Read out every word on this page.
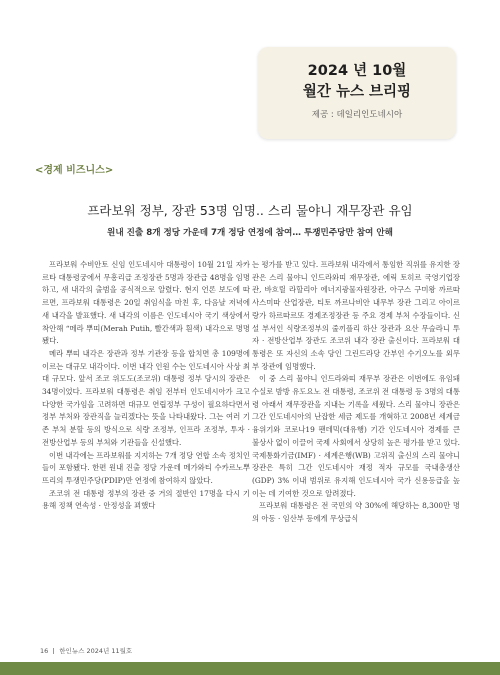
2024 년 10월
월간 뉴스 브리핑
제공 : 데일리인도네시아
<경제 비즈니스>
프라보워 정부, 장관 53명 임명.. 스리 물야니 재무장관 유임
원내 진출 8개 정당 가운데 7개 정당 연정에 참여… 투쟁민주당만 참여 안해

프라보워 수비안토 신임 인도네시아 대통령이 10월 21일 자카르타 대통령궁에서 무흥리급 조정장관 5명과 장관급 48명을 임명하고, 새 내각의 출범을 공식적으로 알렸다. 현지 언론 보도에 따르면, 프라보워 대통령은 20일 취임식을 마친 후, 다음날 저녁에 새 내각을 발표했다. 새 내각의 이름은 인도네시아 국기 색상에서 착안해 “메라 뿌띠(Merah Putih, 빨간색과 흰색) 내각으로 명명됐다.

메라 뿌띠 내각은 장관과 정부 기관장 등을 합치면 총 109명에 이르는 대규모 내각이다. 이번 내각 인원 수는 인도네시아 사상 최대 규모다. 앞서 조코 위도도(조코위) 대통령 정부 당시의 장관은 34명이었다. 프라보워 대통령은 취임 전부터 인도네시아가 크고 다양한 국가임을 고려하면 대규모 연립정부 구성이 필요하다면서 정부 부처와 장관직을 늘리겠다는 뜻을 나타내왔다. 그는 여러 기존 부처 분할 등의 방식으로 식량 조정부, 인프라 조정부, 투자 · 전방산업부 등의 부처와 기관들을 신설했다.

이번 내각에는 프라보워를 지지하는 7개 정당 연합 소속 정치인들이 포함됐다. 한편 원내 진출 정당 가운데 메가와티 수카르노뿌뜨리의 투쟁민주당(PDIP)만 연정에 참여하지 않았다.

조코위 전 대통령 정부의 장관 중 거의 절반인 17명을 다시 기용해 정책 연속성 · 안정성을 꾀했다

는 평가를 받고 있다. 프라보워 내각에서 통임한 직위를 유지한 장관은 스리 물야니 인드라와띠 재무장관, 에릭 토히르 국영기업장관, 바흐릴 라할리아 에너지광물자원장관, 아구스 구미왕 까르따사스미따 산업장관, 티토 까르나비안 내무부 장관 그리고 아이르랑가 하르따르또 경제조정장관 등 주요 경제 부처 수장들이다. 신설 부서인 식량조정부의 줄끼플리 하산 장관과 요산 무슬라니 투자 · 전방산업부 장관도 조코위 내각 장관 출신이다. 프라보워 대통령은 또 자신의 소속 당인 그린드라당 간부인 수기오노를 외무부 장관에 임명했다.

이 중 스리 물야니 인드라와띠 재무부 장관은 이번에도 유임돼 수실로 밤방 유도요노 전 대통령, 조코위 전 대통령 등 3명의 대통령 아래서 재무장관을 지내는 기록을 세웠다. 스리 물야니 장관은 그간 인도네시아의 난잡한 세금 제도를 개혁하고 2008년 세계금융위기와 코로나19 팬데믹(대유행) 기간 인도네시아 경제를 큰 불상사 없이 이끌어 국제 사회에서 상당히 높은 평가를 받고 있다. 국제통화기금(IMF) · 세계은행(WB) 고위직 출신의 스리 물야니 장관은 특히 그간 인도네시아 재정 적자 규모를 국내총생산(GDP) 3% 이내 범위로 유지해 인도네시아 국가 신용등급을 높이는 데 기여한 것으로 알려졌다.

프라보워 대통령은 전 국민의 약 30%에 해당하는 8,300만 명의 아동 · 임산부 등에게 무상급식

16 한인뉴스 2024년 11월호
